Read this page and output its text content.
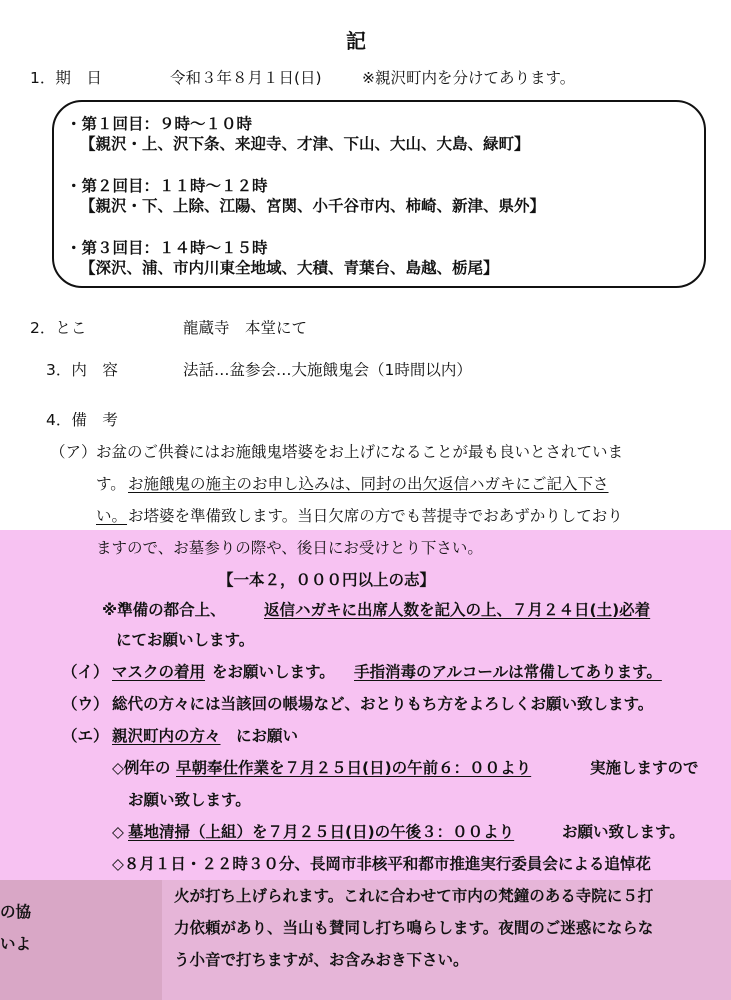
記
1．期　日	令和３年８月１日(日)	※親沢町内を分けてあります。
・第１回目：９時～１０時
【親沢・上、沢下条、来迎寺、才津、下山、大山、大島、緑町】
・第２回目：１１時～１２時
【親沢・下、上除、江陽、宮関、小千谷市内、柿崎、新津、県外】
・第３回目：１４時～１５時
【深沢、浦、市内川東全地域、大積、青葉台、島越、栃尾】
2．とこ	龍蔵寺　本堂にて
3．内　容	法話…盆参会…大施餓鬼会（1時間以内）
4．備　考
（ア） お盆のご供養にはお施餓鬼塔婆をお上げになることが最も良いとされていま
す。 お施餓鬼の施主のお申し込みは、同封の出欠返信ハガキにご記入下さ
い。 お塔婆を準備致します。当日欠席の方でも菩提寺でおあずかりしており
ますので、お墓参りの際や、後日にお受けとり下さい。
【一本２，０００円以上の志】
※準備の都合上、 返信ハガキに出席人数を記入の上、７月２４日(土)必着
にてお願いします。
（イ） マスクの着用 をお願いします。 手指消毒のアルコールは常備してあります。
（ウ） 総代の方々には当該回の帳場など、おとりもち方をよろしくお願い致します。
（エ） 親沢町内の方々 にお願い
◇例年の 早朝奉仕作業を７月２５日(日)の午前６：００より	実施しますので
お願い致します。
◇ 墓地清掃（上組）を７月２５日(日)の午後３：００より	お願い致します。
◇８月１日・２２時３０分、長岡市非核平和都市推進実行委員会による追悼花
火が打ち上げられます。これに合わせて市内の梵鐘のある寺院に５打
力依頼があり、当山も賛同し打ち鳴らします。夜間のご迷惑にならな
う小音で打ちますが、お含みおき下さい。
の協
いよ
